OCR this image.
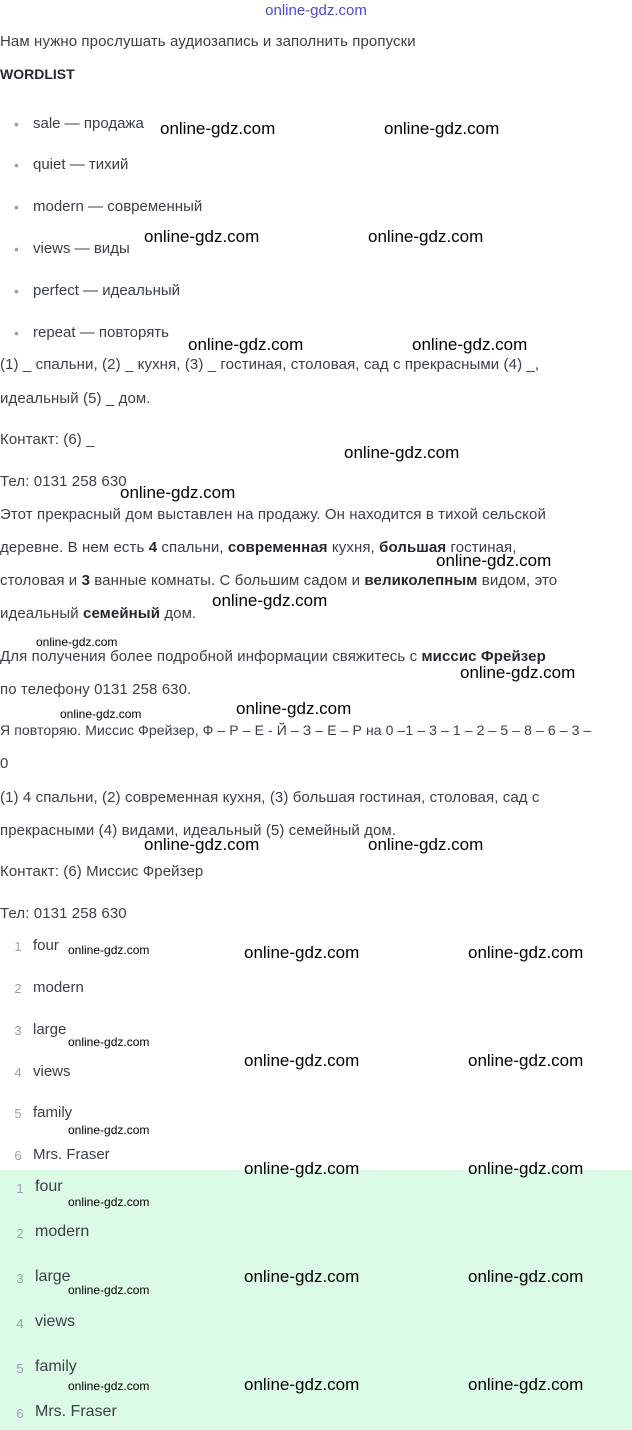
online-gdz.com
Нам нужно прослушать аудиозапись и заполнить пропуски
WORDLIST
• sale — продажа
• quiet — тихий
• modern — современный
• views — виды
• perfect — идеальный
• repeat — повторять
(1) _ спальни, (2) _ кухня, (3) _ гостиная, столовая, сад с прекрасными (4) _,
идеальный (5) _ дом.
Контакт: (6) _
Тел: 0131 258 630
Этот прекрасный дом выставлен на продажу. Он находится в тихой сельской
деревне. В нем есть 4 спальни, современная кухня, большая гостиная,
столовая и 3 ванные комнаты. С большим садом и великолепным видом, это
идеальный семейный дом.
Для получения более подробной информации свяжитесь с миссис Фрейзер
по телефону 0131 258 630.
Я повторяю. Миссис Фрейзер, Ф – Р – Е - Й – З – Е – Р на 0 –1 – 3 – 1 – 2 – 5 – 8 – 6 – 3 –
0
(1) 4 спальни, (2) современная кухня, (3) большая гостиная, столовая, сад с
прекрасными (4) видами, идеальный (5) семейный дом.
Контакт: (6) Миссис Фрейзер
Тел: 0131 258 630
1 four
2 modern
3 large
4 views
5 family
6 Mrs. Fraser
1 four
2 modern
3 large
4 views
5 family
6 Mrs. Fraser
online-gdz.com	online-gdz.com
online-gdz.com	online-gdz.com
online-gdz.com	online-gdz.com
online-gdz.com
online-gdz.com
online-gdz.com
online-gdz.com
online-gdz.com
online-gdz.com
online-gdz.com
online-gdz.com
online-gdz.com	online-gdz.com
online-gdz.com	online-gdz.com	online-gdz.com
online-gdz.com
online-gdz.com	online-gdz.com
online-gdz.com
online-gdz.com	online-gdz.com
online-gdz.com
online-gdz.com	online-gdz.com
online-gdz.com
online-gdz.com	online-gdz.com
online-gdz.com
